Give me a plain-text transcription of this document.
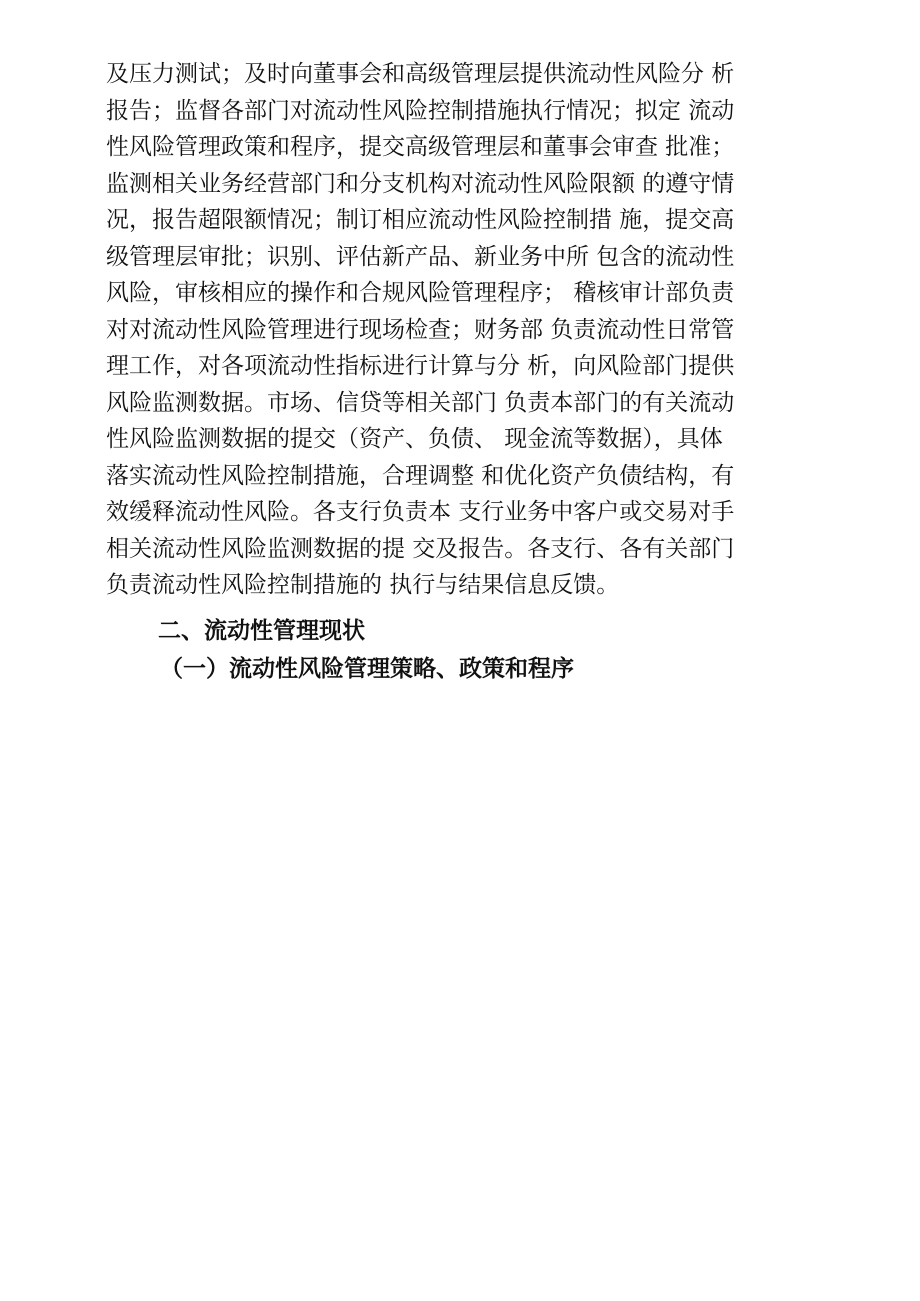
及压力测试；及时向董事会和高级管理层提供流动性风险分 析
报告；监督各部门对流动性风险控制措施执行情况；拟定 流动
性风险管理政策和程序，提交高级管理层和董事会审查 批准；
监测相关业务经营部门和分支机构对流动性风险限额 的遵守情
况，报告超限额情况；制订相应流动性风险控制措 施，提交高
级管理层审批；识别、评估新产品、新业务中所 包含的流动性
风险，审核相应的操作和合规风险管理程序； 稽核审计部负责
对对流动性风险管理进行现场检查；财务部 负责流动性日常管
理工作，对各项流动性指标进行计算与分 析，向风险部门提供
风险监测数据。市场、信贷等相关部门 负责本部门的有关流动
性风险监测数据的提交（资产、负债、 现金流等数据），具体
落实流动性风险控制措施，合理调整 和优化资产负债结构，有
效缓释流动性风险。各支行负责本 支行业务中客户或交易对手
相关流动性风险监测数据的提 交及报告。各支行、各有关部门
负责流动性风险控制措施的 执行与结果信息反馈。
二、流动性管理现状
（一）流动性风险管理策略、政策和程序
